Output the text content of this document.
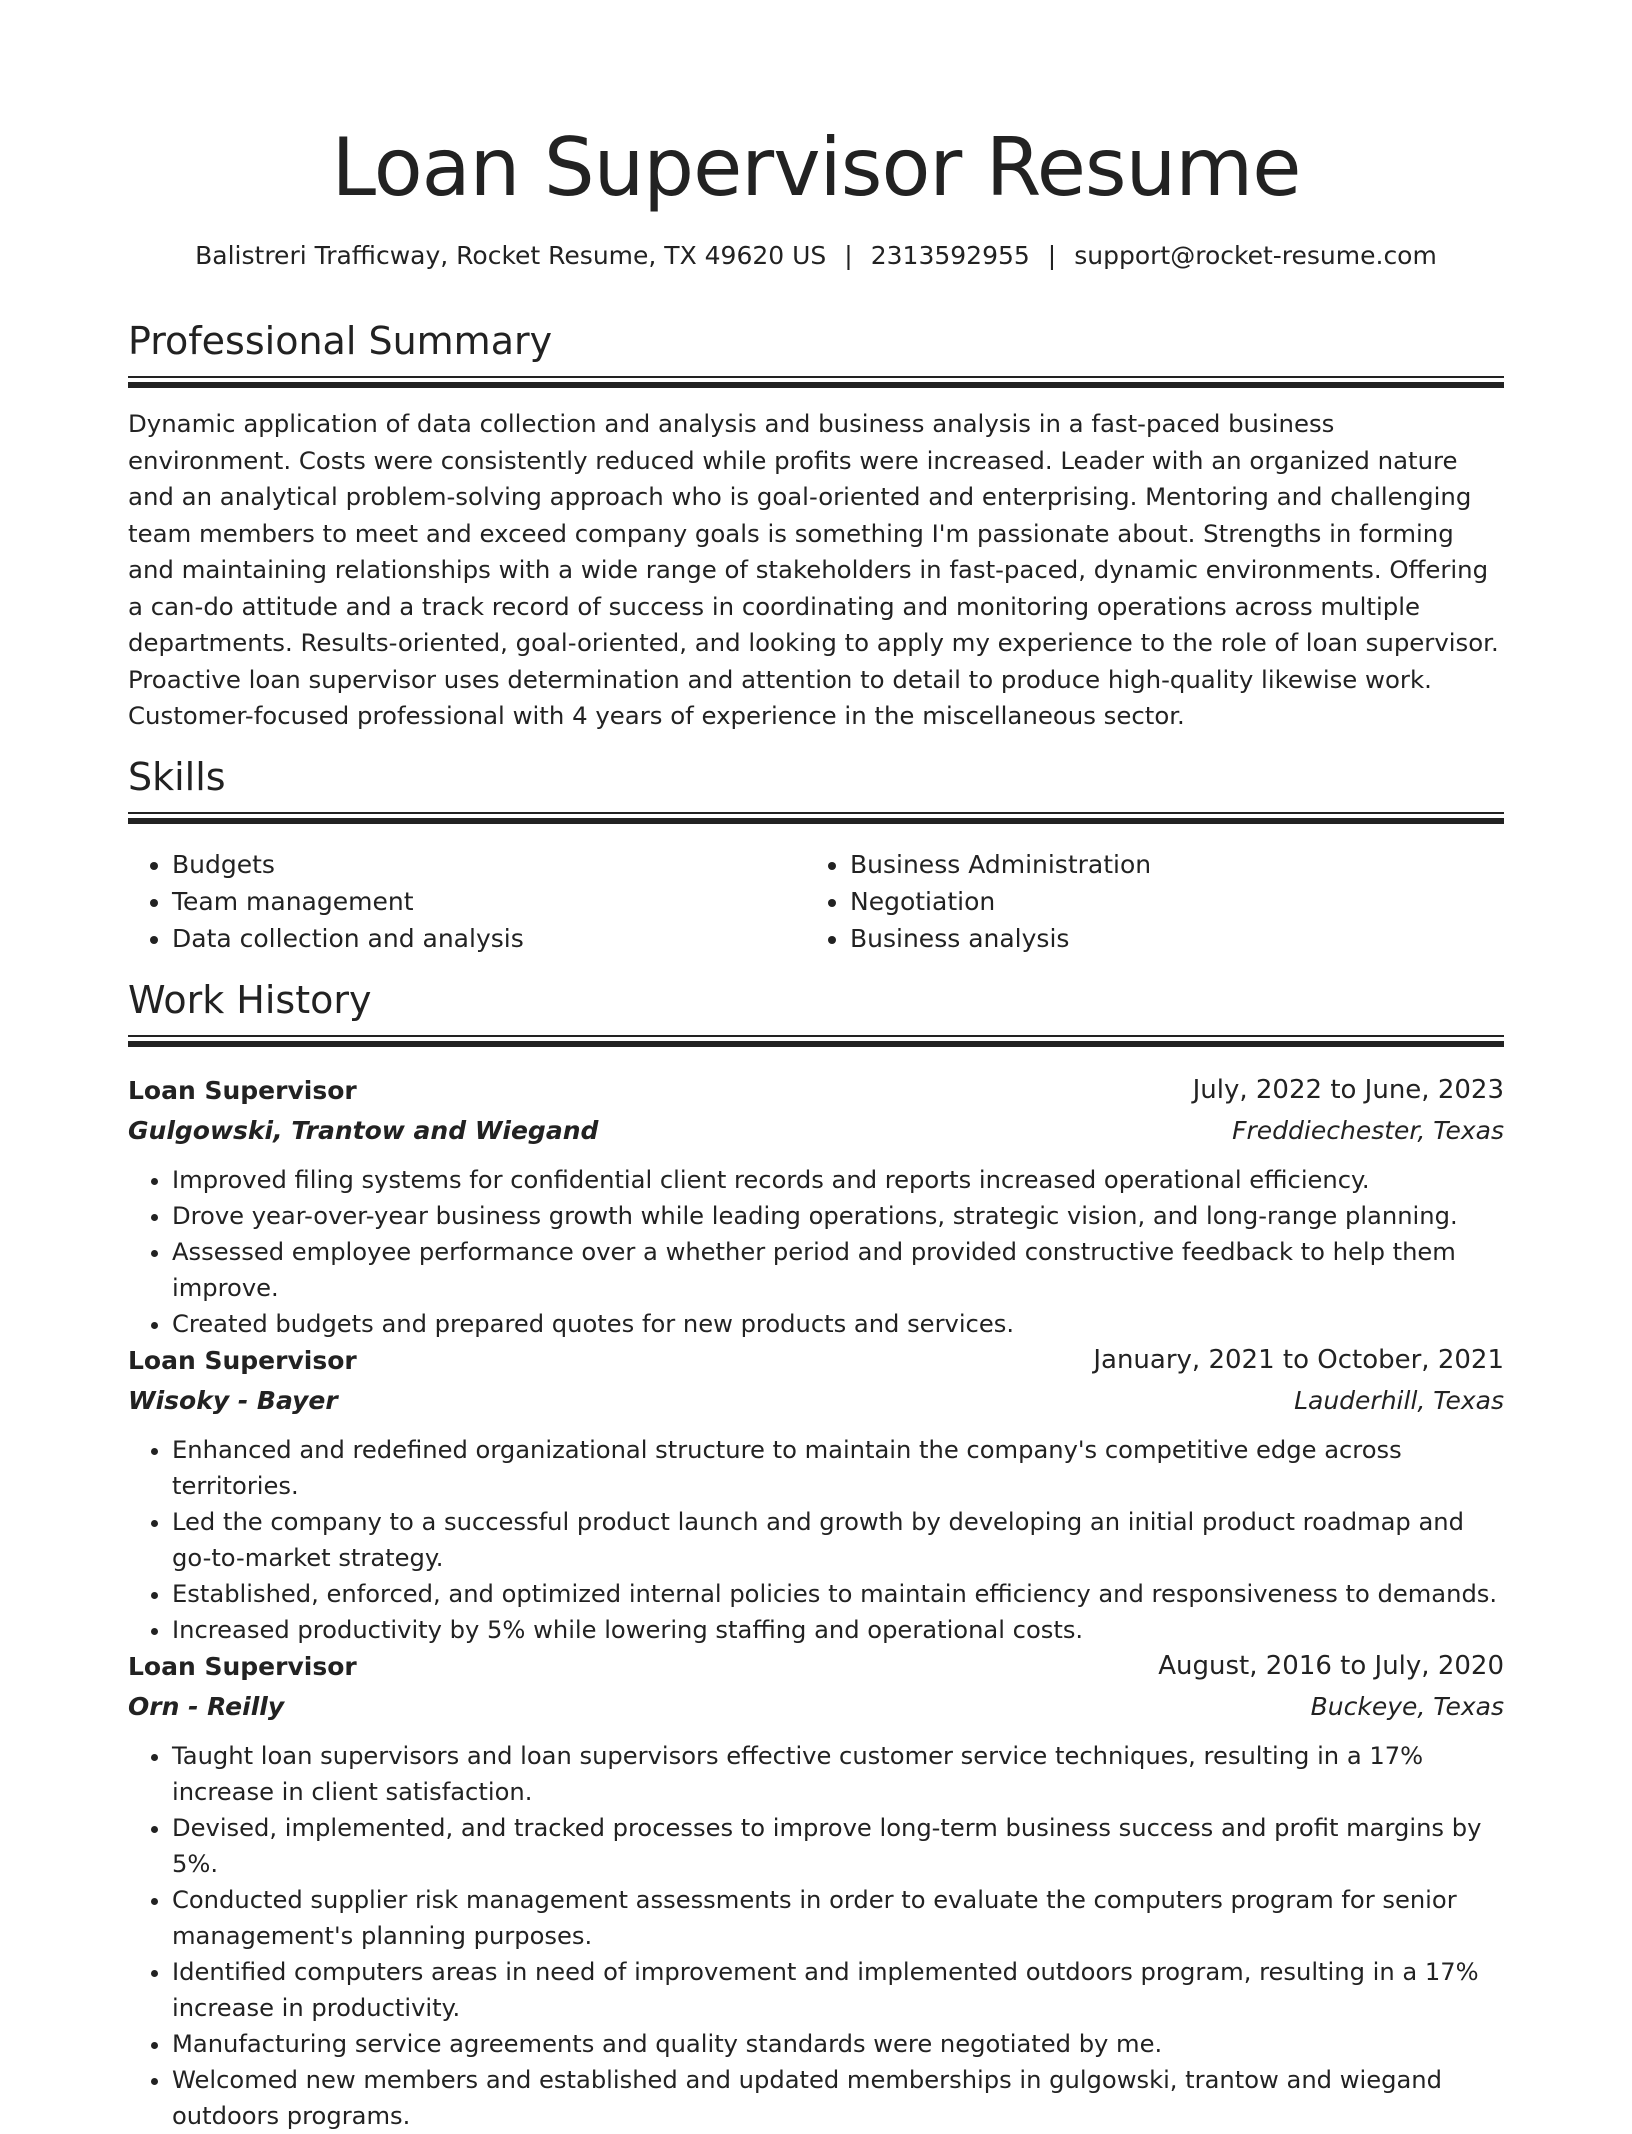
Loan Supervisor Resume
Balistreri Trafficway, Rocket Resume, TX 49620 US | 2313592955 | support@rocket-resume.com
Professional Summary

Dynamic application of data collection and analysis and business analysis in a fast-paced business environment. Costs were consistently reduced while profits were increased. Leader with an organized nature and an analytical problem-solving approach who is goal-oriented and enterprising. Mentoring and challenging team members to meet and exceed company goals is something I'm passionate about. Strengths in forming and maintaining relationships with a wide range of stakeholders in fast-paced, dynamic environments. Offering a can-do attitude and a track record of success in coordinating and monitoring operations across multiple departments. Results-oriented, goal-oriented, and looking to apply my experience to the role of loan supervisor. Proactive loan supervisor uses determination and attention to detail to produce high-quality likewise work. Customer-focused professional with 4 years of experience in the miscellaneous sector.

Skills
• Budgets
• Team management
• Data collection and analysis
• Business Administration
• Negotiation
• Business analysis
Work History
Loan Supervisor	July, 2022 to June, 2023
Gulgowski, Trantow and Wiegand	Freddiechester, Texas
• Improved filing systems for confidential client records and reports increased operational efficiency.
• Drove year-over-year business growth while leading operations, strategic vision, and long-range planning.
• Assessed employee performance over a whether period and provided constructive feedback to help them improve.
• Created budgets and prepared quotes for new products and services.
Loan Supervisor	January, 2021 to October, 2021
Wisoky - Bayer	Lauderhill, Texas
• Enhanced and redefined organizational structure to maintain the company's competitive edge across territories.
• Led the company to a successful product launch and growth by developing an initial product roadmap and go-to-market strategy.
• Established, enforced, and optimized internal policies to maintain efficiency and responsiveness to demands.
• Increased productivity by 5% while lowering staffing and operational costs.
Loan Supervisor	August, 2016 to July, 2020
Orn - Reilly	Buckeye, Texas
• Taught loan supervisors and loan supervisors effective customer service techniques, resulting in a 17% increase in client satisfaction.
• Devised, implemented, and tracked processes to improve long-term business success and profit margins by 5%.
• Conducted supplier risk management assessments in order to evaluate the computers program for senior management's planning purposes.
• Identified computers areas in need of improvement and implemented outdoors program, resulting in a 17% increase in productivity.
• Manufacturing service agreements and quality standards were negotiated by me.
• Welcomed new members and established and updated memberships in gulgowski, trantow and wiegand outdoors programs.
